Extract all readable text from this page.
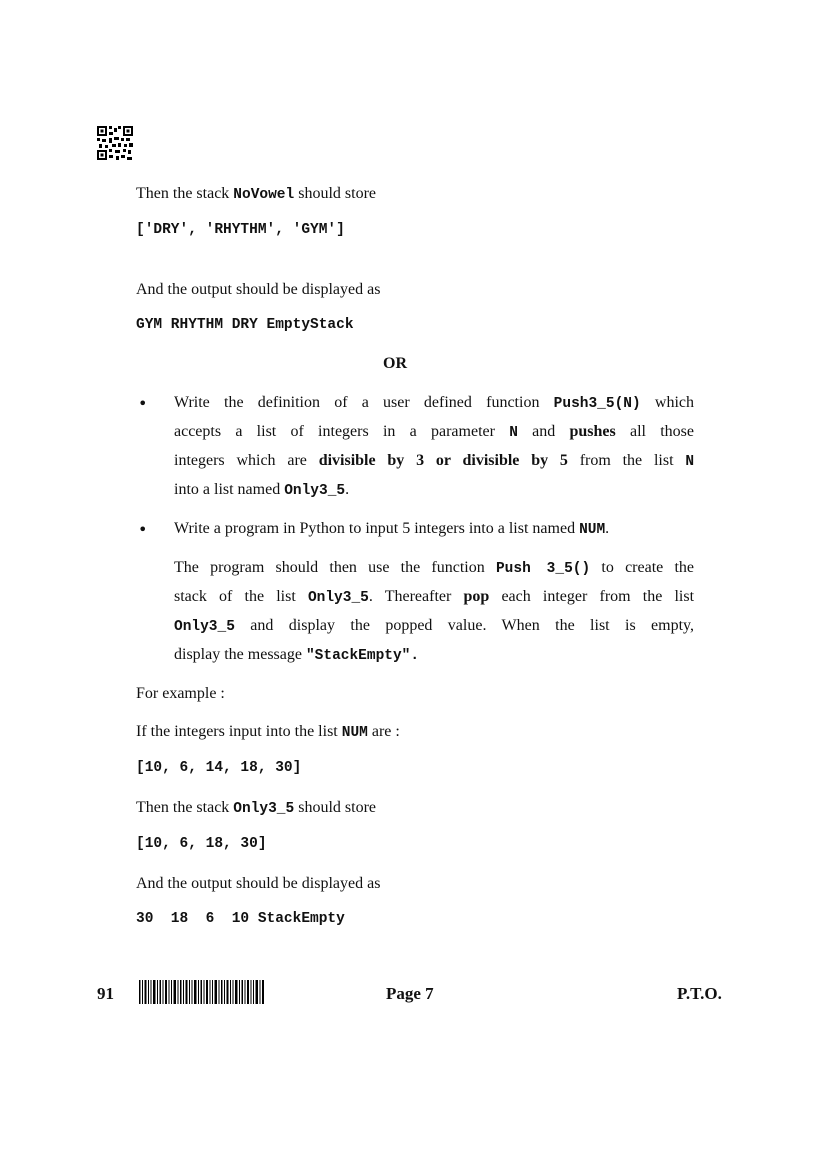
Then the stack NoVowel should store
['DRY', 'RHYTHM', 'GYM']
And the output should be displayed as
GYM RHYTHM DRY EmptyStack
OR
• Write the definition of a user defined function Push3_5(N) which
accepts a list of integers in a parameter N and pushes all those
integers which are divisible by 3 or divisible by 5 from the list N
into a list named Only3_5.
• Write a program in Python to input 5 integers into a list named NUM.
The program should then use the function Push 3_5() to create the
stack of the list Only3_5. Thereafter pop each integer from the list
Only3_5 and display the popped value. When the list is empty,
display the message "StackEmpty".
For example :
If the integers input into the list NUM are :
[10, 6, 14, 18, 30]
Then the stack Only3_5 should store
[10, 6, 18, 30]
And the output should be displayed as
30  18  6  10 StackEmpty
91	Page 7	P.T.O.
